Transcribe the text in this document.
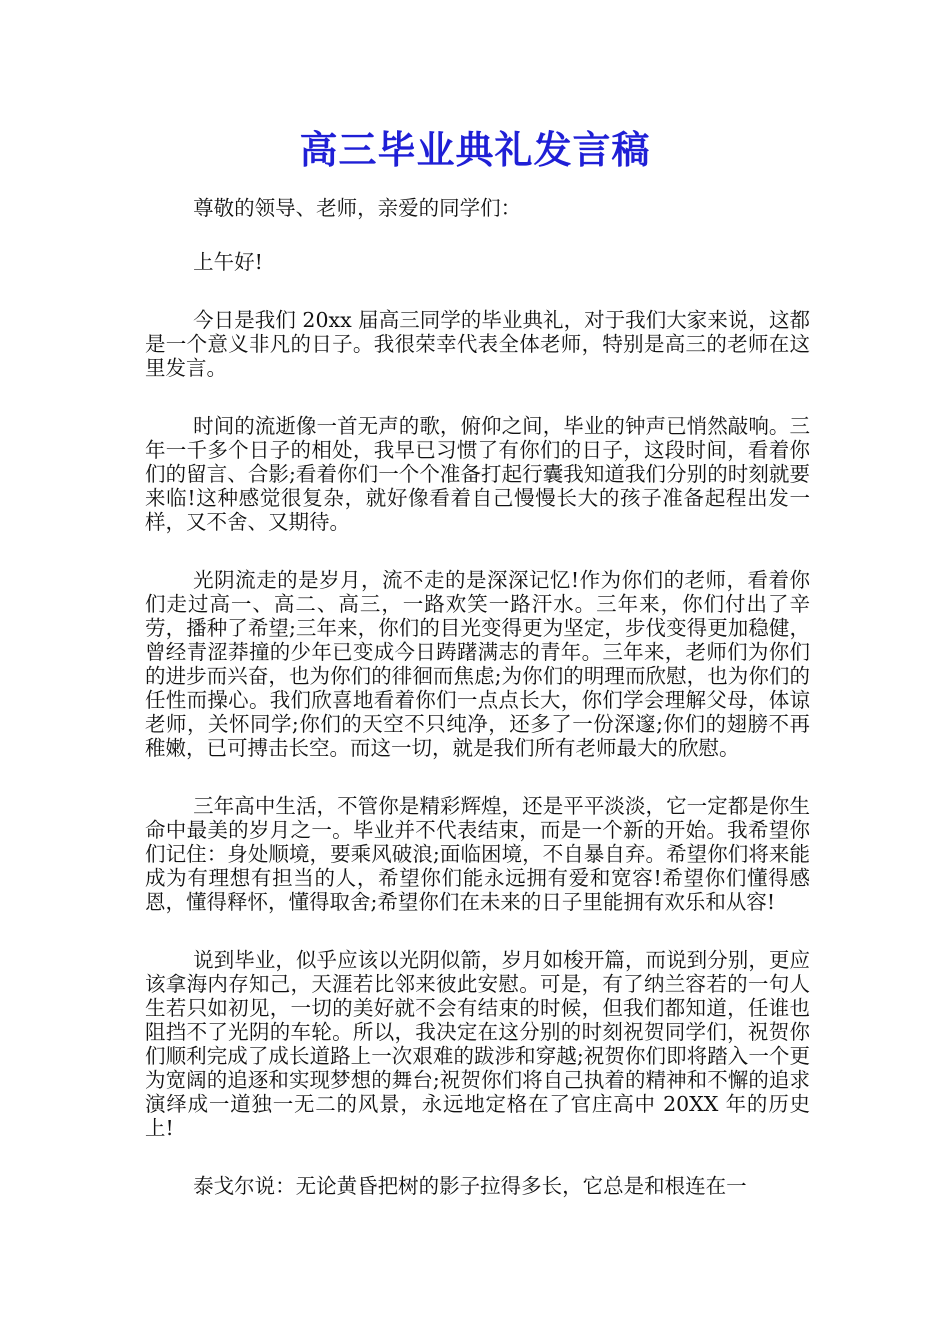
高三毕业典礼发言稿

尊敬的领导、老师，亲爱的同学们：

上午好!

今日是我们 20xx 届高三同学的毕业典礼，对于我们大家来说，这都是一个意义非凡的日子。我很荣幸代表全体老师，特别是高三的老师在这里发言。

时间的流逝像一首无声的歌，俯仰之间，毕业的钟声已悄然敲响。三年一千多个日子的相处，我早已习惯了有你们的日子，这段时间，看着你们的留言、合影;看着你们一个个准备打起行囊我知道我们分别的时刻就要来临!这种感觉很复杂，就好像看着自己慢慢长大的孩子准备起程出发一样，又不舍、又期待。

光阴流走的是岁月，流不走的是深深记忆!作为你们的老师，看着你们走过高一、高二、高三，一路欢笑一路汗水。三年来，你们付出了辛劳，播种了希望;三年来，你们的目光变得更为坚定，步伐变得更加稳健，曾经青涩莽撞的少年已变成今日踌躇满志的青年。三年来，老师们为你们的进步而兴奋，也为你们的徘徊而焦虑;为你们的明理而欣慰，也为你们的任性而操心。我们欣喜地看着你们一点点长大，你们学会理解父母，体谅老师，关怀同学;你们的天空不只纯净，还多了一份深邃;你们的翅膀不再稚嫩，已可搏击长空。而这一切，就是我们所有老师最大的欣慰。

三年高中生活，不管你是精彩辉煌，还是平平淡淡，它一定都是你生命中最美的岁月之一。毕业并不代表结束，而是一个新的开始。我希望你们记住：身处顺境，要乘风破浪;面临困境，不自暴自弃。希望你们将来能成为有理想有担当的人，希望你们能永远拥有爱和宽容!希望你们懂得感恩，懂得释怀，懂得取舍;希望你们在未来的日子里能拥有欢乐和从容!

说到毕业，似乎应该以光阴似箭，岁月如梭开篇，而说到分别，更应该拿海内存知己，天涯若比邻来彼此安慰。可是，有了纳兰容若的一句人生若只如初见，一切的美好就不会有结束的时候，但我们都知道，任谁也阻挡不了光阴的车轮。所以，我决定在这分别的时刻祝贺同学们，祝贺你们顺利完成了成长道路上一次艰难的跋涉和穿越;祝贺你们即将踏入一个更为宽阔的追逐和实现梦想的舞台;祝贺你们将自己执着的精神和不懈的追求演绎成一道独一无二的风景，永远地定格在了官庄高中 20XX 年的历史上!

泰戈尔说：无论黄昏把树的影子拉得多长，它总是和根连在一
